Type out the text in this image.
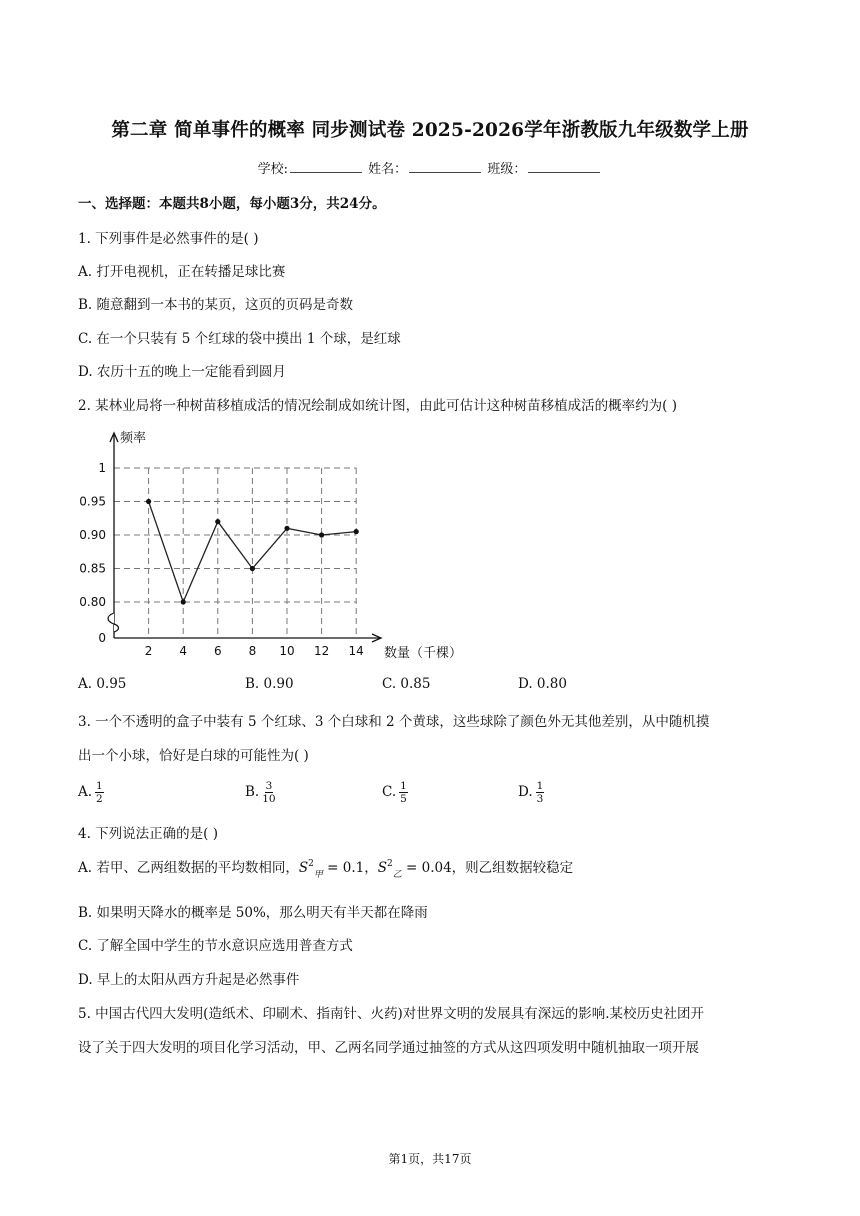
第二章 简单事件的概率 同步测试卷 2025-2026学年浙教版九年级数学上册
学校:	姓名：	班级：
一、选择题：本题共8小题，每小题3分，共24分。
1. 下列事件是必然事件的是( )
A. 打开电视机，正在转播足球比赛
B. 随意翻到一本书的某页，这页的页码是奇数
C. 在一个只装有 5 个红球的袋中摸出 1 个球，是红球
D. 农历十五的晚上一定能看到圆月
2. 某林业局将一种树苗移植成活的情况绘制成如统计图，由此可估计这种树苗移植成活的概率约为( )
1
0.95
0.90
0.85
0.80
0
2 4 6 8 10 12 14
频率
数量（千棵）
A. 0.95	B. 0.90	C. 0.85	D. 0.80
3. 一个不透明的盒子中装有 5 个红球、3 个白球和 2 个黄球，这些球除了颜色外无其他差别，从中随机摸
出一个小球，恰好是白球的可能性为( )
A. $\frac{1}{2}$	B. $\frac{3}{10}$	C. $\frac{1}{5}$	D. $\frac{1}{3}$
4. 下列说法正确的是( )
A. 若甲、乙两组数据的平均数相同，$S^2_甲 = 0.1$，$S^2_乙 = 0.04$，则乙组数据较稳定
B. 如果明天降水的概率是 50%，那么明天有半天都在降雨
C. 了解全国中学生的节水意识应选用普查方式
D. 早上的太阳从西方升起是必然事件
5. 中国古代四大发明(造纸术、印刷术、指南针、火药)对世界文明的发展具有深远的影响.某校历史社团开
设了关于四大发明的项目化学习活动，甲、乙两名同学通过抽签的方式从这四项发明中随机抽取一项开展
第1页，共17页
